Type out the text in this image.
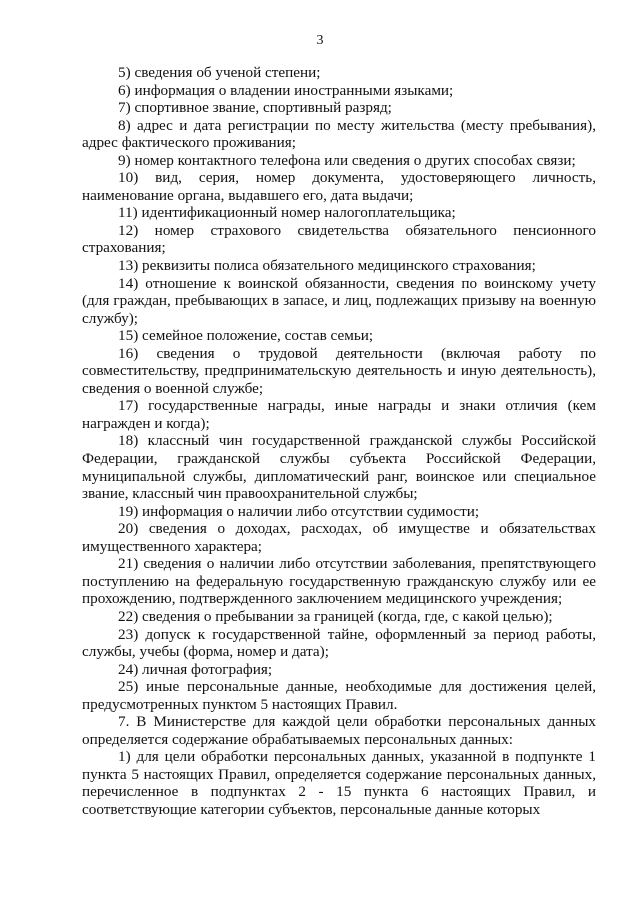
3

5) сведения об ученой степени;

6) информация о владении иностранными языками;

7) спортивное звание, спортивный разряд;

8) адрес и дата регистрации по месту жительства (месту пребывания), адрес фактического проживания;

9) номер контактного телефона или сведения о других способах связи;

10) вид, серия, номер документа, удостоверяющего личность, наименование органа, выдавшего его, дата выдачи;

11) идентификационный номер налогоплательщика;

12) номер страхового свидетельства обязательного пенсионного страхования;

13) реквизиты полиса обязательного медицинского страхования;

14) отношение к воинской обязанности, сведения по воинскому учету (для граждан, пребывающих в запасе, и лиц, подлежащих призыву на военную службу);

15) семейное положение, состав семьи;

16) сведения о трудовой деятельности (включая работу по совместительству, предпринимательскую деятельность и иную деятельность), сведения о военной службе;

17) государственные награды, иные награды и знаки отличия (кем награжден и когда);

18) классный чин государственной гражданской службы Российской Федерации, гражданской службы субъекта Российской Федерации, муниципальной службы, дипломатический ранг, воинское или специальное звание, классный чин правоохранительной службы;

19) информация о наличии либо отсутствии судимости;

20) сведения о доходах, расходах, об имуществе и обязательствах имущественного характера;

21) сведения о наличии либо отсутствии заболевания, препятствующего поступлению на федеральную государственную гражданскую службу или ее прохождению, подтвержденного заключением медицинского учреждения;

22) сведения о пребывании за границей (когда, где, с какой целью);

23) допуск к государственной тайне, оформленный за период работы, службы, учебы (форма, номер и дата);

24) личная фотография;

25) иные персональные данные, необходимые для достижения целей, предусмотренных пунктом 5 настоящих Правил.

7. В Министерстве для каждой цели обработки персональных данных определяется содержание обрабатываемых персональных данных:

1) для цели обработки персональных данных, указанной в подпункте 1 пункта 5 настоящих Правил, определяется содержание персональных данных, перечисленное в подпунктах 2 - 15 пункта 6 настоящих Правил, и соответствующие категории субъектов, персональные данные которых
